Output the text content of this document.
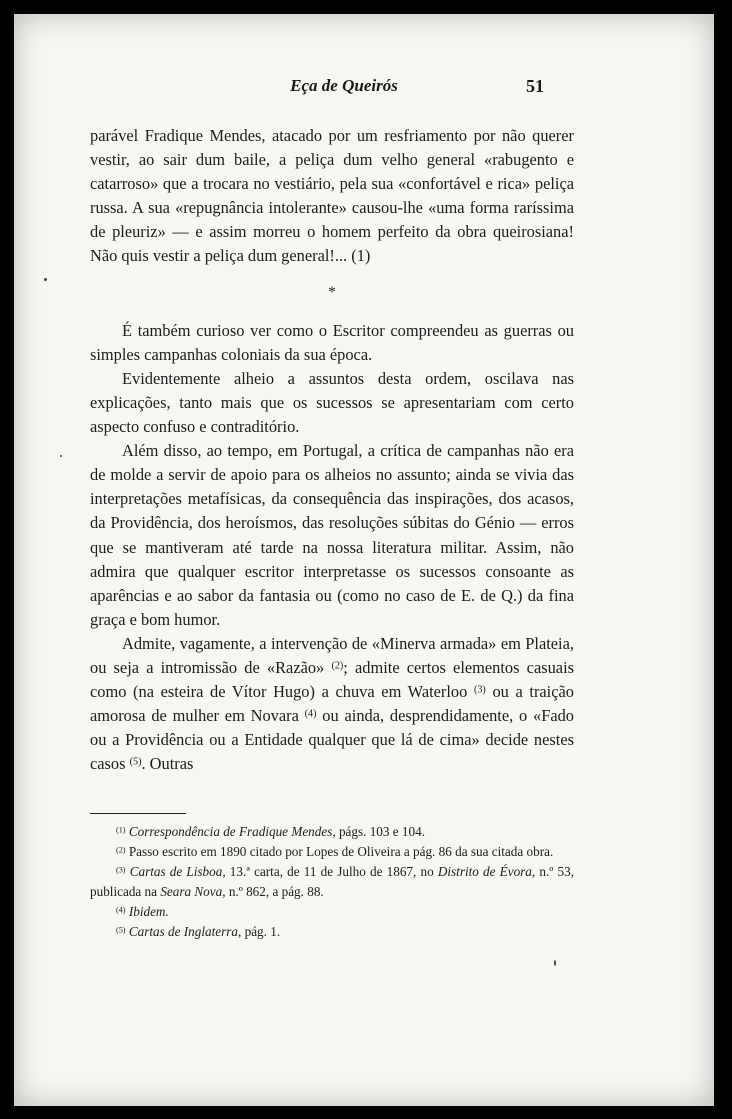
Eça de Queirós	51

parável Fradique Mendes, atacado por um resfriamento por não querer vestir, ao sair dum baile, a peliça dum velho general «rabugento e catarroso» que a trocara no vestiário, pela sua «confortável e rica» peliça russa. A sua «repugnância intolerante» causou-lhe «uma forma raríssima de pleuriz» — e assim morreu o homem perfeito da obra queirosiana! Não quis vestir a peliça dum general!... (1)

*

É também curioso ver como o Escritor compreendeu as guerras ou simples campanhas coloniais da sua época.

Evidentemente alheio a assuntos desta ordem, oscilava nas explicações, tanto mais que os sucessos se apresentariam com certo aspecto confuso e contraditório.

Além disso, ao tempo, em Portugal, a crítica de campanhas não era de molde a servir de apoio para os alheios no assunto; ainda se vivia das interpretações metafísicas, da consequência das inspirações, dos acasos, da Providência, dos heroísmos, das resoluções súbitas do Génio — erros que se mantiveram até tarde na nossa literatura militar. Assim, não admira que qualquer escritor interpretasse os sucessos consoante as aparências e ao sabor da fantasia ou (como no caso de E. de Q.) da fina graça e bom humor.

Admite, vagamente, a intervenção de «Minerva armada» em Plateia, ou seja a intromissão de «Razão» $^{(2)}$; admite certos elementos casuais como (na esteira de Vítor Hugo) a chuva em Waterloo $^{(3)}$ ou a traição amorosa de mulher em Novara $^{(4)}$ ou ainda, desprendidamente, o «Fado ou a Providência ou a Entidade qualquer que lá de cima» decide nestes casos $^{(5)}$. Outras

$^{(1)}$ Correspondência de Fradique Mendes, págs. 103 e 104.

$^{(2)}$ Passo escrito em 1890 citado por Lopes de Oliveira a pág. 86 da sua citada obra.

$^{(3)}$ Cartas de Lisboa, 13.ª carta, de 11 de Julho de 1867, no Distrito de Évora, n.º 53, publicada na Seara Nova, n.º 862, a pág. 88.

$^{(4)}$ Ibidem.

$^{(5)}$ Cartas de Inglaterra, pág. 1.
